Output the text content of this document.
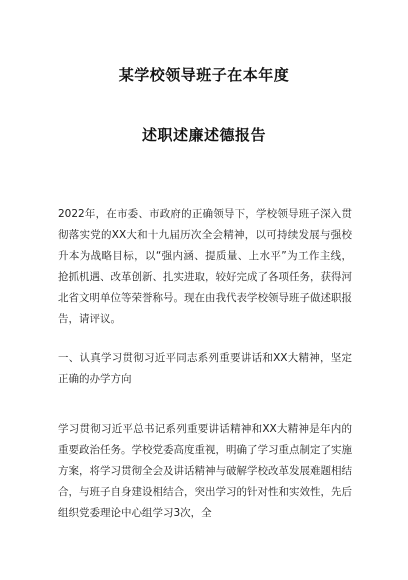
某学校领导班子在本年度
述职述廉述德报告
2022年，在市委、市政府的正确领导下，学校领导班子深入贯彻落实党的XX大和十九届历次全会精神，以可持续发展与强校升本为战略目标，以“强内涵、提质量、上水平”为工作主线，抢抓机遇、改革创新、扎实进取，较好完成了各项任务，获得河北省文明单位等荣誉称号。现在由我代表学校领导班子做述职报告，请评议。
一、认真学习贯彻习近平同志系列重要讲话和XX大精神，坚定正确的办学方向
学习贯彻习近平总书记系列重要讲话精神和XX大精神是年内的重要政治任务。学校党委高度重视，明确了学习重点制定了实施方案，将学习贯彻全会及讲话精神与破解学校改革发展难题相结合，与班子自身建设相结合，突出学习的针对性和实效性，先后组织党委理论中心组学习3次，全
